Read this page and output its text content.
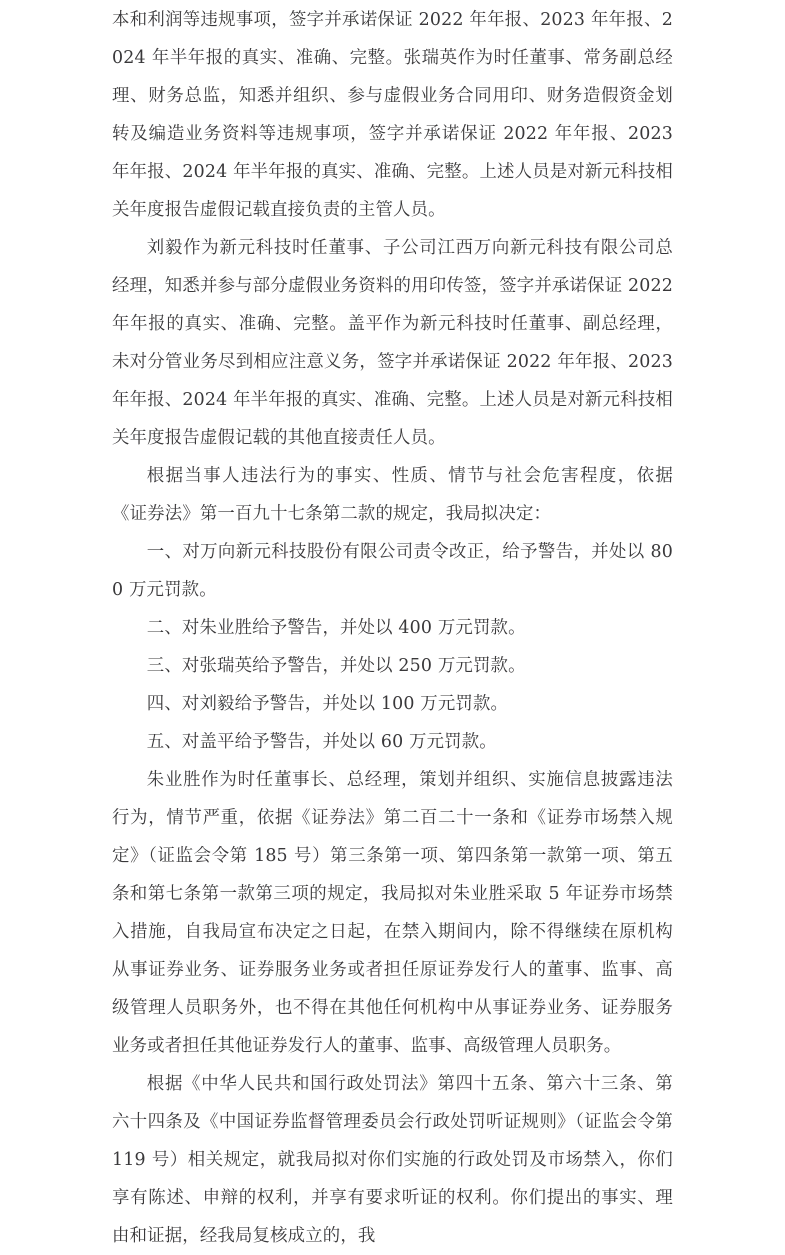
本和利润等违规事项，签字并承诺保证 2022 年年报、2023 年年报、2024 年半年报的真实、准确、完整。张瑞英作为时任董事、常务副总经理、财务总监，知悉并组织、参与虚假业务合同用印、财务造假资金划转及编造业务资料等违规事项，签字并承诺保证 2022 年年报、2023 年年报、2024 年半年报的真实、准确、完整。上述人员是对新元科技相关年度报告虚假记载直接负责的主管人员。

刘毅作为新元科技时任董事、子公司江西万向新元科技有限公司总经理，知悉并参与部分虚假业务资料的用印传签，签字并承诺保证 2022 年年报的真实、准确、完整。盖平作为新元科技时任董事、副总经理，未对分管业务尽到相应注意义务，签字并承诺保证 2022 年年报、2023 年年报、2024 年半年报的真实、准确、完整。上述人员是对新元科技相关年度报告虚假记载的其他直接责任人员。

根据当事人违法行为的事实、性质、情节与社会危害程度，依据《证券法》第一百九十七条第二款的规定，我局拟决定：

一、对万向新元科技股份有限公司责令改正，给予警告，并处以 800 万元罚款。

二、对朱业胜给予警告，并处以 400 万元罚款。

三、对张瑞英给予警告，并处以 250 万元罚款。

四、对刘毅给予警告，并处以 100 万元罚款。

五、对盖平给予警告，并处以 60 万元罚款。

朱业胜作为时任董事长、总经理，策划并组织、实施信息披露违法行为，情节严重，依据《证券法》第二百二十一条和《证券市场禁入规定》（证监会令第 185 号）第三条第一项、第四条第一款第一项、第五条和第七条第一款第三项的规定，我局拟对朱业胜采取 5 年证券市场禁入措施，自我局宣布决定之日起，在禁入期间内，除不得继续在原机构从事证券业务、证券服务业务或者担任原证券发行人的董事、监事、高级管理人员职务外，也不得在其他任何机构中从事证券业务、证券服务业务或者担任其他证券发行人的董事、监事、高级管理人员职务。

根据《中华人民共和国行政处罚法》第四十五条、第六十三条、第六十四条及《中国证券监督管理委员会行政处罚听证规则》（证监会令第 119 号）相关规定，就我局拟对你们实施的行政处罚及市场禁入，你们享有陈述、申辩的权利，并享有要求听证的权利。你们提出的事实、理由和证据，经我局复核成立的，我
